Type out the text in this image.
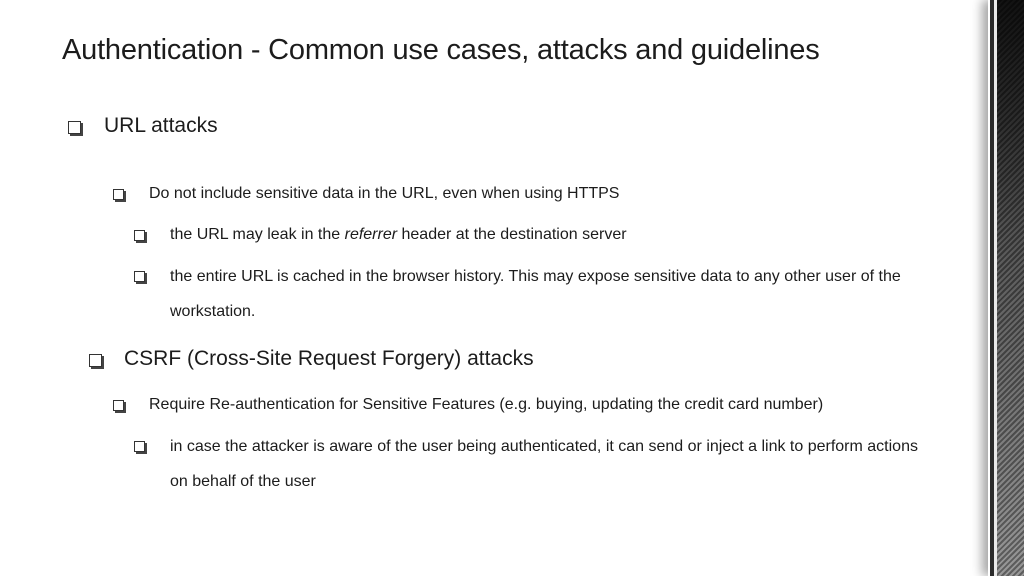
Authentication - Common use cases, attacks and guidelines
URL attacks
Do not include sensitive data in the URL, even when using HTTPS
the URL may leak in the referrer header at the destination server
the entire URL is cached in the browser history. This may expose sensitive data to any other user of the workstation.
CSRF (Cross-Site Request Forgery) attacks
Require Re-authentication for Sensitive Features (e.g. buying, updating the credit card number)
in case the attacker is aware of the user being authenticated, it can send or inject a link to perform actions on behalf of the user
